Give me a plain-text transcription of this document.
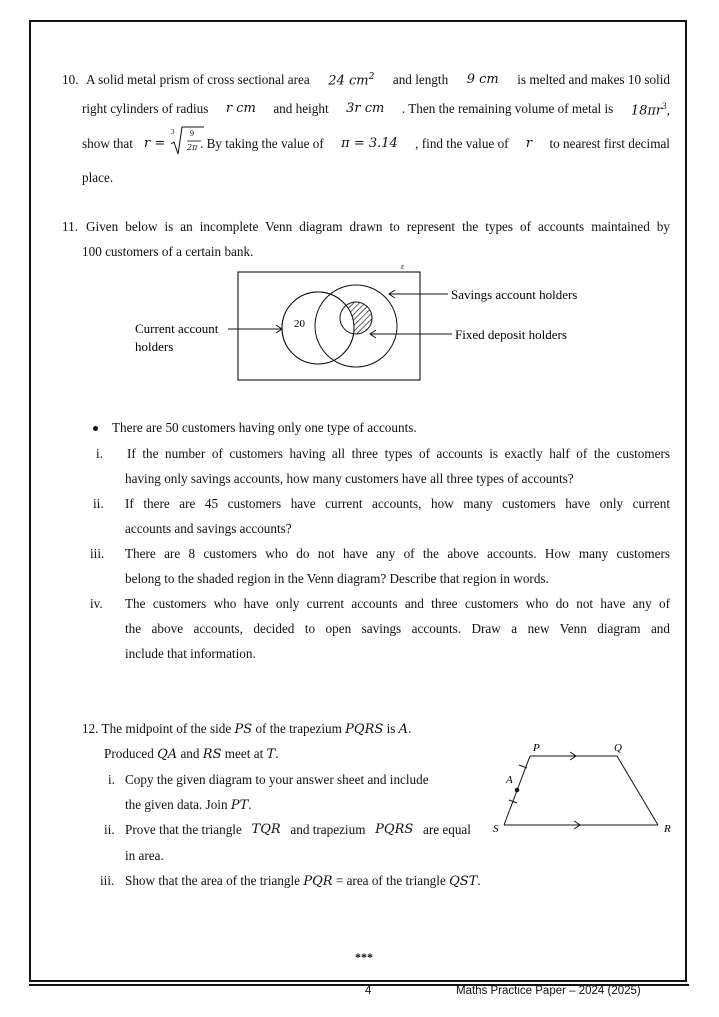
10. A solid metal prism of cross sectional area 24 $cm^2$ and length 9 cm is melted and makes 10 solid
right cylinders of radius r cm and height 3r cm . Then the remaining volume of metal is $18\pi r^3$,
show that r =
3 9
2π . By taking the value of π = 3.14 , find the value of r to nearest first decimal
place.
11. Given below is an incomplete Venn diagram drawn to represent the types of accounts maintained by
100 customers of a certain bank.
ε
20
Savings account holders
Current account
holders
Fixed deposit holders
There are 50 customers having only one type of accounts.
i. If the number of customers having all three types of accounts is exactly half of the customers
having only savings accounts, how many customers have all three types of accounts?
ii. If there are 45 customers have current accounts, how many customers have only current
accounts and savings accounts?
iii. There are 8 customers who do not have any of the above accounts. How many customers
belong to the shaded region in the Venn diagram? Describe that region in words.
iv. The customers who have only current accounts and three customers who do not have any of
the above accounts, decided to open savings accounts. Draw a new Venn diagram and
include that information.
12. The midpoint of the side PS of the trapezium PQRS is A.
Produced QA and RS meet at T.
i. Copy the given diagram to your answer sheet and include
the given data. Join PT.
ii. Prove that the triangle TQR and trapezium PQRS are equal
in area.
iii. Show that the area of the triangle PQR = area of the triangle QST.
P	Q
A
S	R
***
4	Maths Practice Paper – 2024 (2025)
